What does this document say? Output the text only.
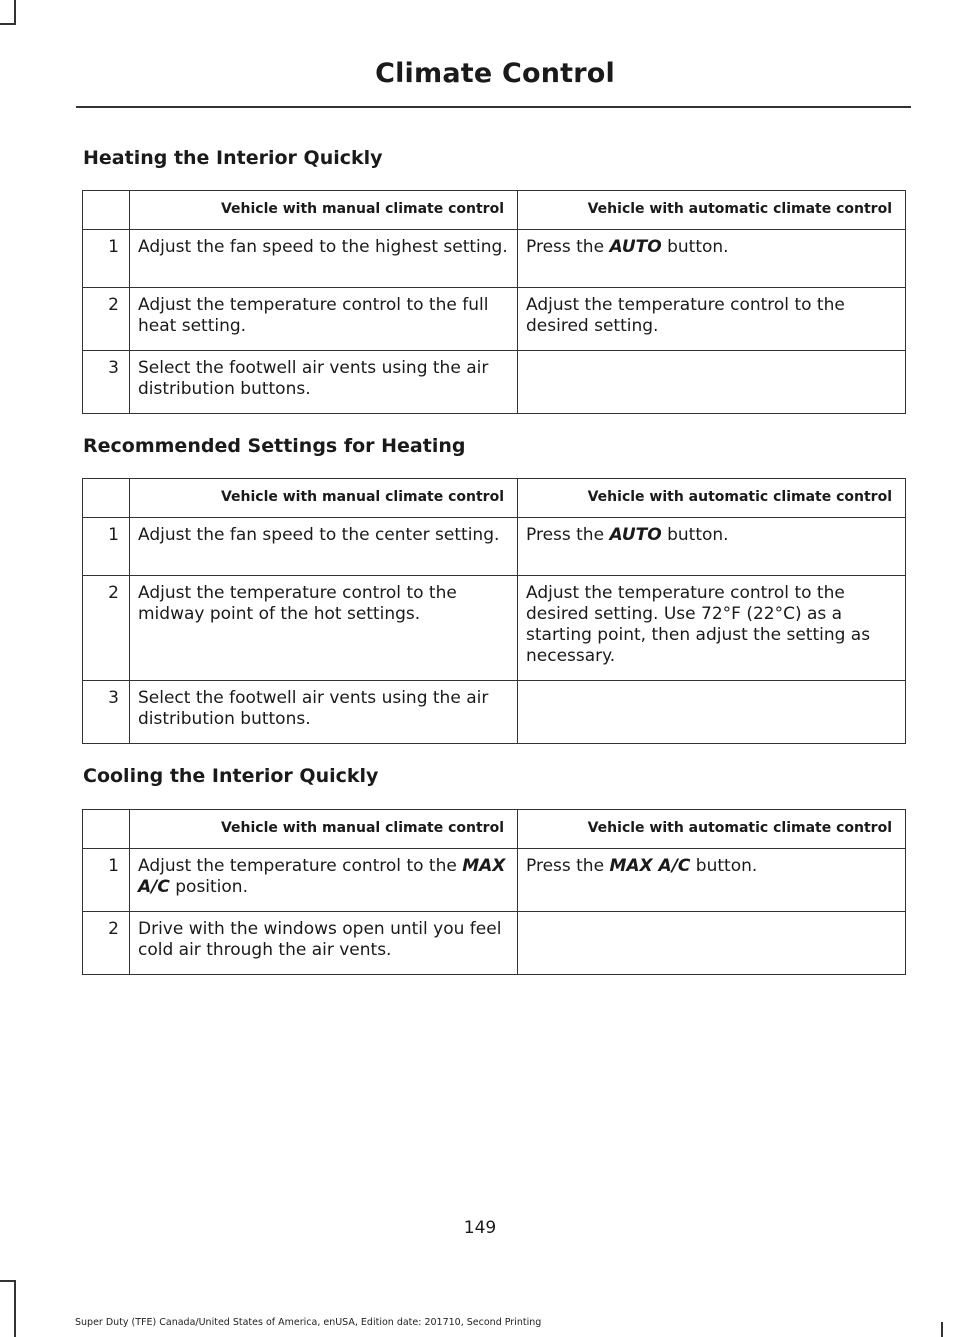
Climate Control
Heating the Interior Quickly
	Vehicle with manual climate control	Vehicle with automatic climate control
1	Adjust the fan speed to the highest setting.	Press the AUTO button.
2	Adjust the temperature control to the full heat setting.	Adjust the temperature control to the desired setting.
3	Select the footwell air vents using the air distribution buttons.	
Recommended Settings for Heating
	Vehicle with manual climate control	Vehicle with automatic climate control
1	Adjust the fan speed to the center setting.	Press the AUTO button.
2	Adjust the temperature control to the midway point of the hot settings.	Adjust the temperature control to the desired setting. Use 72°F (22°C) as a starting point, then adjust the setting as necessary.
3	Select the footwell air vents using the air distribution buttons.	
Cooling the Interior Quickly
	Vehicle with manual climate control	Vehicle with automatic climate control
1	Adjust the temperature control to the MAX A/C position.	Press the MAX A/C button.
2	Drive with the windows open until you feel cold air through the air vents.	
149
Super Duty (TFE) Canada/United States of America, enUSA, Edition date: 201710, Second Printing
